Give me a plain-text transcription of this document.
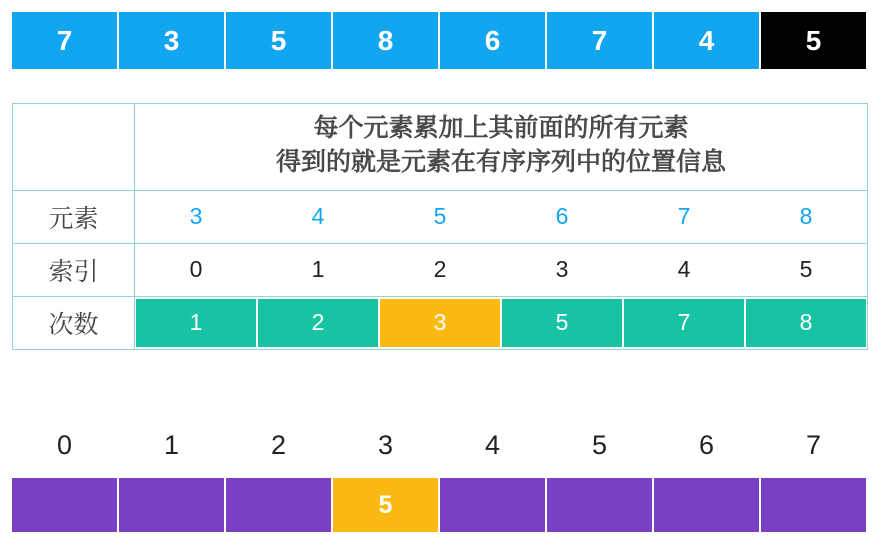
7	3	5	8	6	7	4	5
每个元素累加上其前面的所有元素
得到的就是元素在有序序列中的位置信息
元素	3	4	5	6	7	8
索引	0	1	2	3	4	5
次数	1	2	3	5	7	8
0	1	2	3	4	5	6	7
5
